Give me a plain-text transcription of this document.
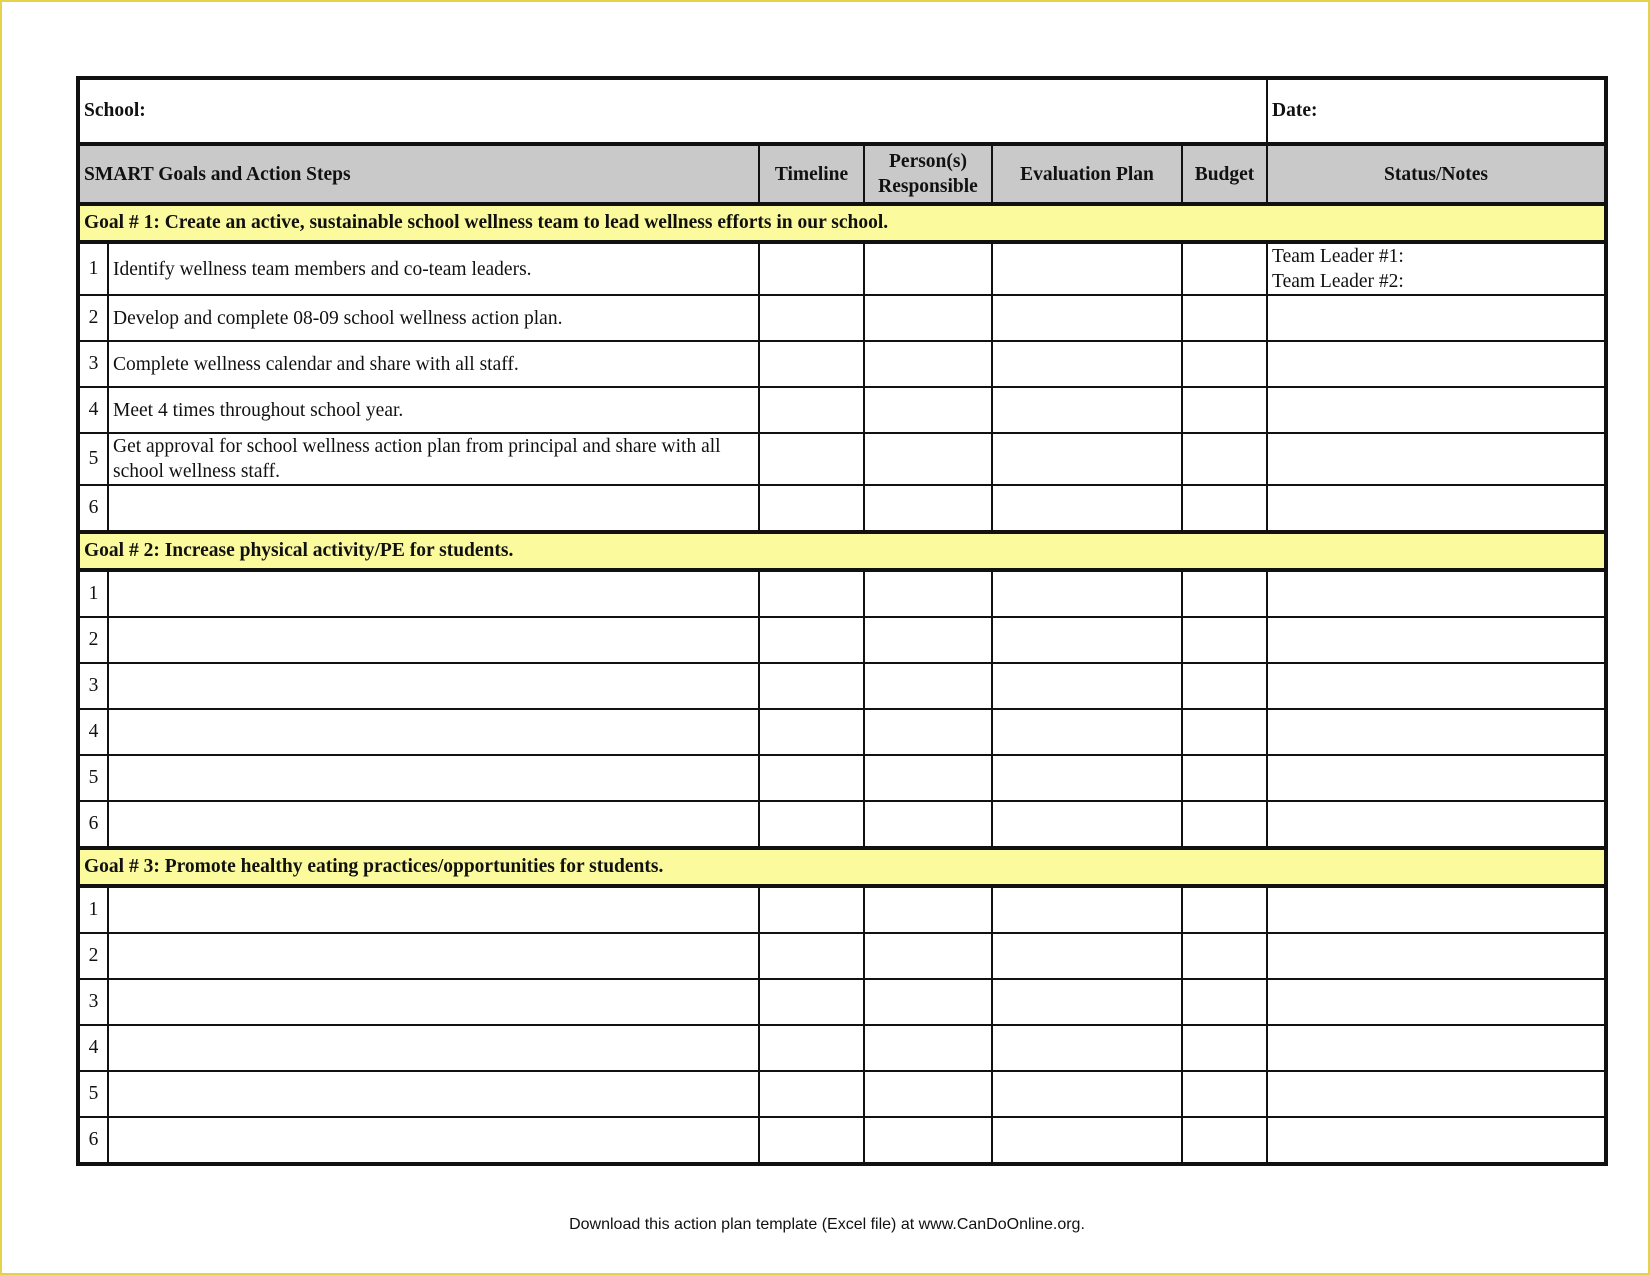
School:						Date:
SMART Goals and Action Steps		Timeline	Person(s)
Responsible	Evaluation Plan	Budget	Status/Notes
Goal # 1: Create an active, sustainable school wellness team to lead wellness efforts in our school.						
1	Identify wellness team members and co-team leaders.					Team Leader #1:
Team Leader #2:
2	Develop and complete 08-09 school wellness action plan.					
3	Complete wellness calendar and share with all staff.					
4	Meet 4 times throughout school year.					
5	Get approval for school wellness action plan from principal and share with all school wellness staff.					
6						
Goal # 2: Increase physical activity/PE for students.						
1						
2						
3						
4						
5						
6						
Goal # 3: Promote healthy eating practices/opportunities for students.						
1						
2						
3						
4						
5						
6						
Download this action plan template (Excel file) at www.CanDoOnline.org.
